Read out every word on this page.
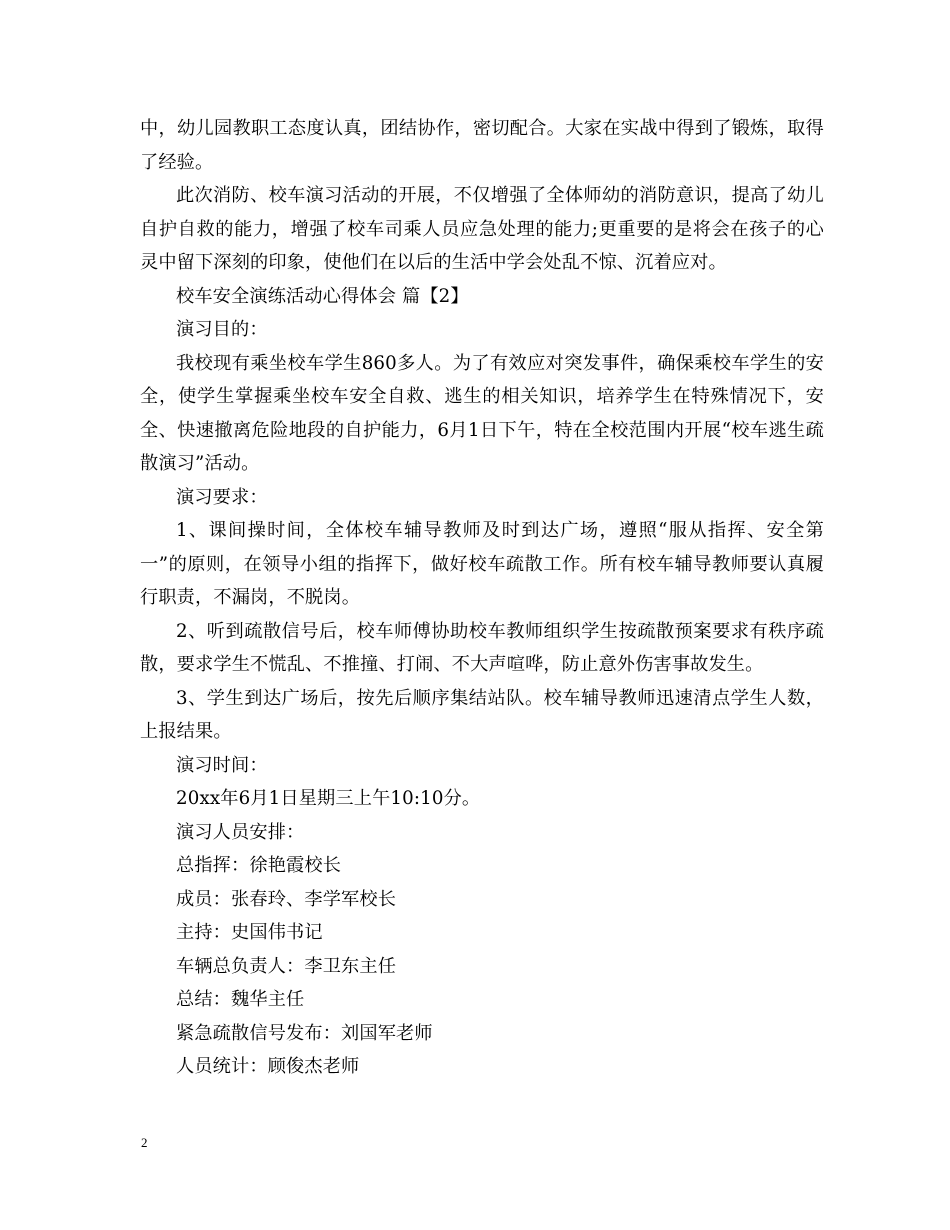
中，幼儿园教职工态度认真，团结协作，密切配合。大家在实战中得到了锻炼，取得了经验。

此次消防、校车演习活动的开展，不仅增强了全体师幼的消防意识，提高了幼儿自护自救的能力，增强了校车司乘人员应急处理的能力;更重要的是将会在孩子的心灵中留下深刻的印象，使他们在以后的生活中学会处乱不惊、沉着应对。

校车安全演练活动心得体会 篇【2】

演习目的：

我校现有乘坐校车学生860多人。为了有效应对突发事件，确保乘校车学生的安全，使学生掌握乘坐校车安全自救、逃生的相关知识，培养学生在特殊情况下，安全、快速撤离危险地段的自护能力，6月1日下午，特在全校范围内开展“校车逃生疏散演习”活动。

演习要求：

1、课间操时间，全体校车辅导教师及时到达广场，遵照“服从指挥、安全第一”的原则，在领导小组的指挥下，做好校车疏散工作。所有校车辅导教师要认真履行职责，不漏岗，不脱岗。

2、听到疏散信号后，校车师傅协助校车教师组织学生按疏散预案要求有秩序疏散，要求学生不慌乱、不推撞、打闹、不大声喧哗，防止意外伤害事故发生。

3、学生到达广场后，按先后顺序集结站队。校车辅导教师迅速清点学生人数，上报结果。

演习时间：

20xx年6月1日星期三上午10:10分。

演习人员安排：

总指挥：徐艳霞校长

成员：张春玲、李学军校长

主持：史国伟书记

车辆总负责人：李卫东主任

总结：魏华主任

紧急疏散信号发布：刘国军老师

人员统计：顾俊杰老师

2
